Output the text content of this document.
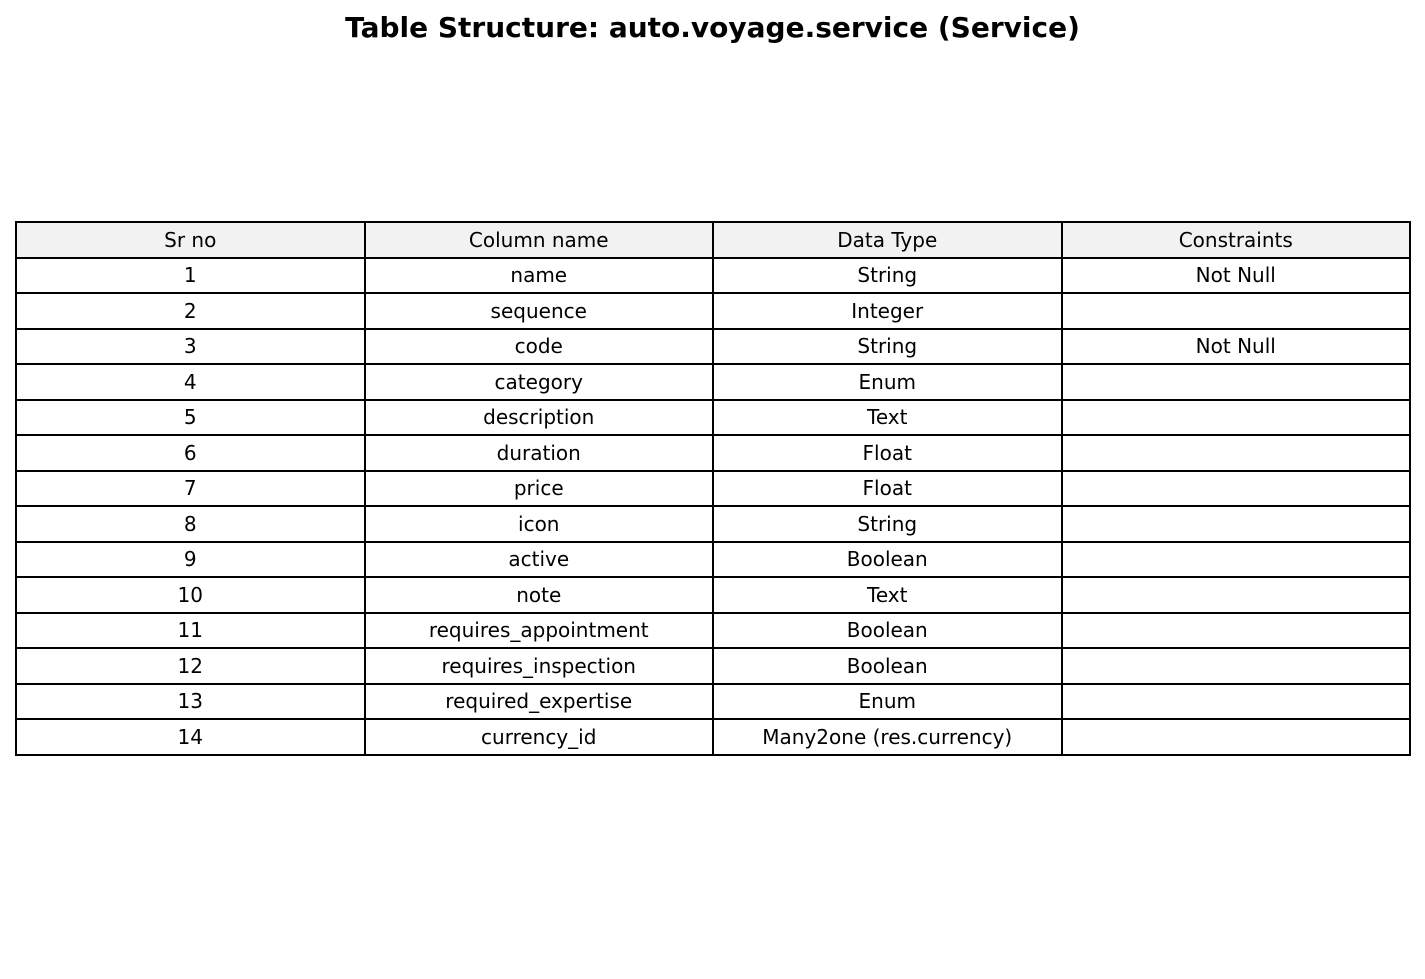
Table Structure: auto.voyage.service (Service)
Sr no	Column name	Data Type	Constraints
1	name	String	Not Null
2	sequence	Integer	
3	code	String	Not Null
4	category	Enum	
5	description	Text	
6	duration	Float	
7	price	Float	
8	icon	String	
9	active	Boolean	
10	note	Text	
11	requires_appointment	Boolean	
12	requires_inspection	Boolean	
13	required_expertise	Enum	
14	currency_id	Many2one (res.currency)	
